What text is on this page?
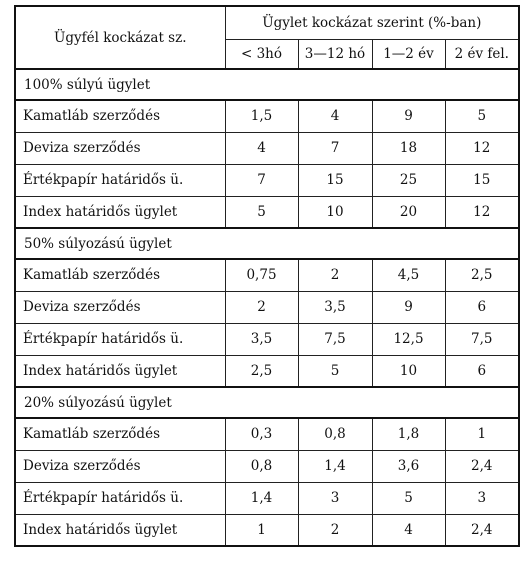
Ügyfél kockázat sz.	Ügylet kockázat szerint (%-ban)			
	< 3hó	3—12 hó	1—2 év	2 év fel.
100% súlyú ügylet				
Kamatláb szerződés	1,5	4	9	5
Deviza szerződés	4	7	18	12
Értékpapír határidős ü.	7	15	25	15
Index határidős ügylet	5	10	20	12
50% súlyozású ügylet				
Kamatláb szerződés	0,75	2	4,5	2,5
Deviza szerződés	2	3,5	9	6
Értékpapír határidős ü.	3,5	7,5	12,5	7,5
Index határidős ügylet	2,5	5	10	6
20% súlyozású ügylet				
Kamatláb szerződés	0,3	0,8	1,8	1
Deviza szerződés	0,8	1,4	3,6	2,4
Értékpapír határidős ü.	1,4	3	5	3
Index határidős ügylet	1	2	4	2,4
